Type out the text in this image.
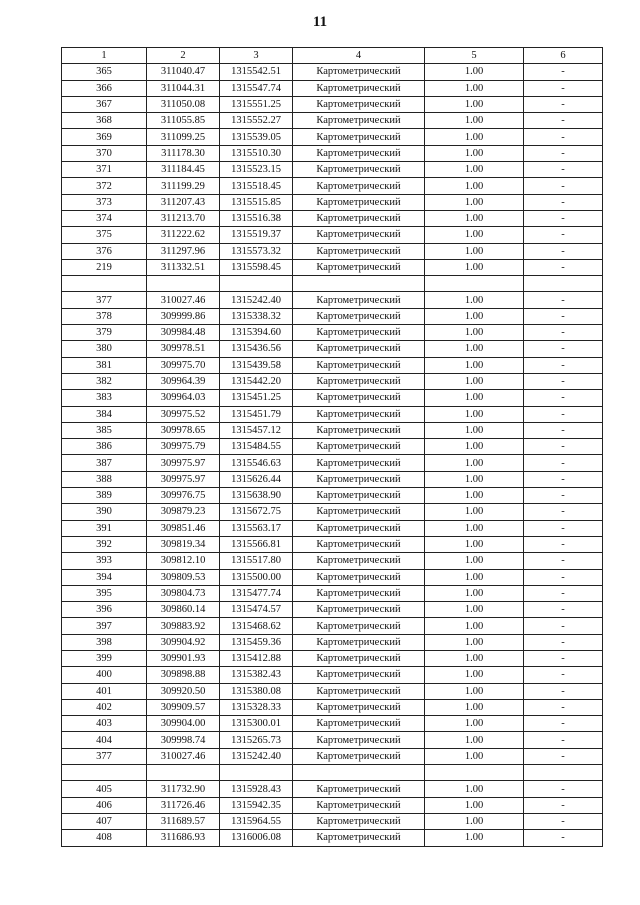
11
1	2	3	4	5	6
365	311040.47	1315542.51	Картометрический	1.00	-
366	311044.31	1315547.74	Картометрический	1.00	-
367	311050.08	1315551.25	Картометрический	1.00	-
368	311055.85	1315552.27	Картометрический	1.00	-
369	311099.25	1315539.05	Картометрический	1.00	-
370	311178.30	1315510.30	Картометрический	1.00	-
371	311184.45	1315523.15	Картометрический	1.00	-
372	311199.29	1315518.45	Картометрический	1.00	-
373	311207.43	1315515.85	Картометрический	1.00	-
374	311213.70	1315516.38	Картометрический	1.00	-
375	311222.62	1315519.37	Картометрический	1.00	-
376	311297.96	1315573.32	Картометрический	1.00	-
219	311332.51	1315598.45	Картометрический	1.00	-

377	310027.46	1315242.40	Картометрический	1.00	-
378	309999.86	1315338.32	Картометрический	1.00	-
379	309984.48	1315394.60	Картометрический	1.00	-
380	309978.51	1315436.56	Картометрический	1.00	-
381	309975.70	1315439.58	Картометрический	1.00	-
382	309964.39	1315442.20	Картометрический	1.00	-
383	309964.03	1315451.25	Картометрический	1.00	-
384	309975.52	1315451.79	Картометрический	1.00	-
385	309978.65	1315457.12	Картометрический	1.00	-
386	309975.79	1315484.55	Картометрический	1.00	-
387	309975.97	1315546.63	Картометрический	1.00	-
388	309975.97	1315626.44	Картометрический	1.00	-
389	309976.75	1315638.90	Картометрический	1.00	-
390	309879.23	1315672.75	Картометрический	1.00	-
391	309851.46	1315563.17	Картометрический	1.00	-
392	309819.34	1315566.81	Картометрический	1.00	-
393	309812.10	1315517.80	Картометрический	1.00	-
394	309809.53	1315500.00	Картометрический	1.00	-
395	309804.73	1315477.74	Картометрический	1.00	-
396	309860.14	1315474.57	Картометрический	1.00	-
397	309883.92	1315468.62	Картометрический	1.00	-
398	309904.92	1315459.36	Картометрический	1.00	-
399	309901.93	1315412.88	Картометрический	1.00	-
400	309898.88	1315382.43	Картометрический	1.00	-
401	309920.50	1315380.08	Картометрический	1.00	-
402	309909.57	1315328.33	Картометрический	1.00	-
403	309904.00	1315300.01	Картометрический	1.00	-
404	309998.74	1315265.73	Картометрический	1.00	-
377	310027.46	1315242.40	Картометрический	1.00	-

405	311732.90	1315928.43	Картометрический	1.00	-
406	311726.46	1315942.35	Картометрический	1.00	-
407	311689.57	1315964.55	Картометрический	1.00	-
408	311686.93	1316006.08	Картометрический	1.00	-
